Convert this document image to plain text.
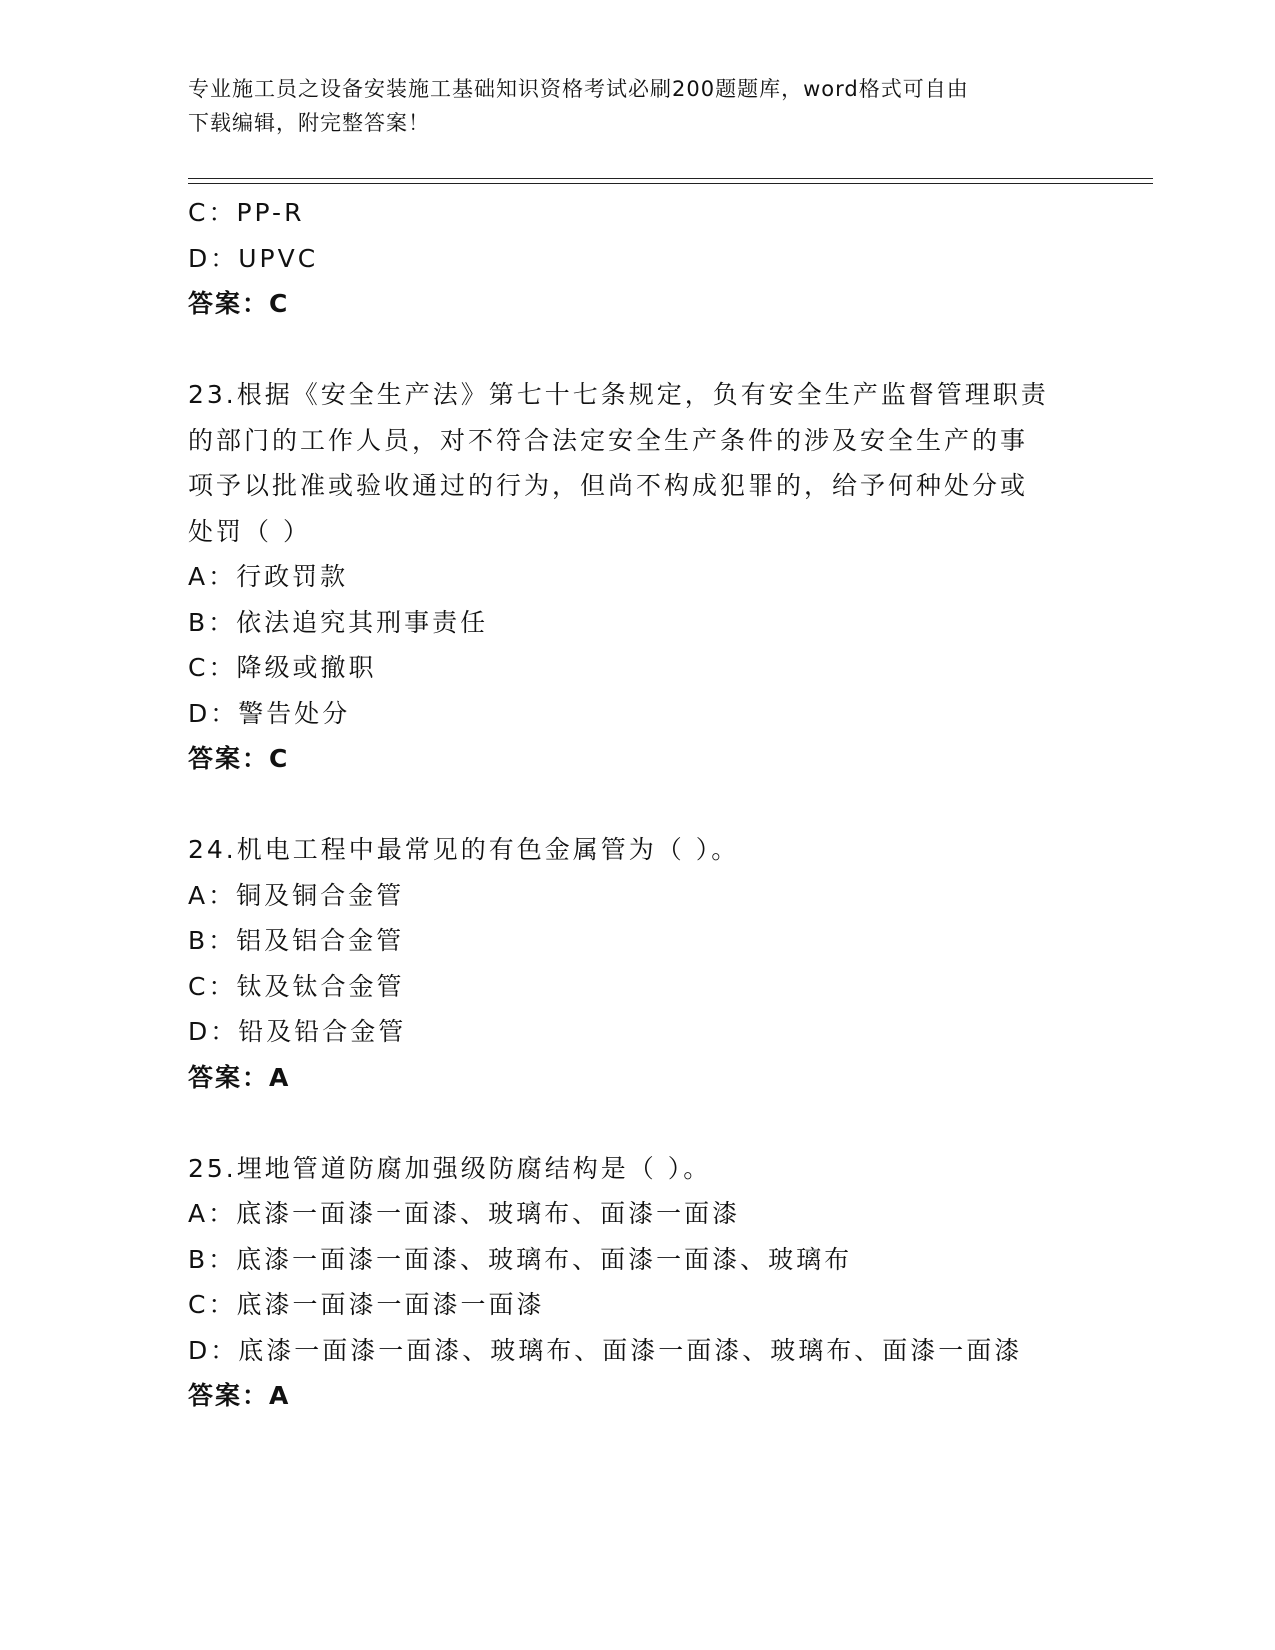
专业施工员之设备安装施工基础知识资格考试必刷200题题库，word格式可自由
下载编辑，附完整答案！
C：PP-R
D：UPVC
答案：C
23.根据《安全生产法》第七十七条规定，负有安全生产监督管理职责
的部门的工作人员，对不符合法定安全生产条件的涉及安全生产的事
项予以批准或验收通过的行为，但尚不构成犯罪的，给予何种处分或
处罚（ ）
A：行政罚款
B：依法追究其刑事责任
C：降级或撤职
D：警告处分
答案：C
24.机电工程中最常见的有色金属管为（ ）。
A：铜及铜合金管
B：铝及铝合金管
C：钛及钛合金管
D：铅及铅合金管
答案：A
25.埋地管道防腐加强级防腐结构是（ ）。
A：底漆一面漆一面漆、玻璃布、面漆一面漆
B：底漆一面漆一面漆、玻璃布、面漆一面漆、玻璃布
C：底漆一面漆一面漆一面漆
D：底漆一面漆一面漆、玻璃布、面漆一面漆、玻璃布、面漆一面漆
答案：A
